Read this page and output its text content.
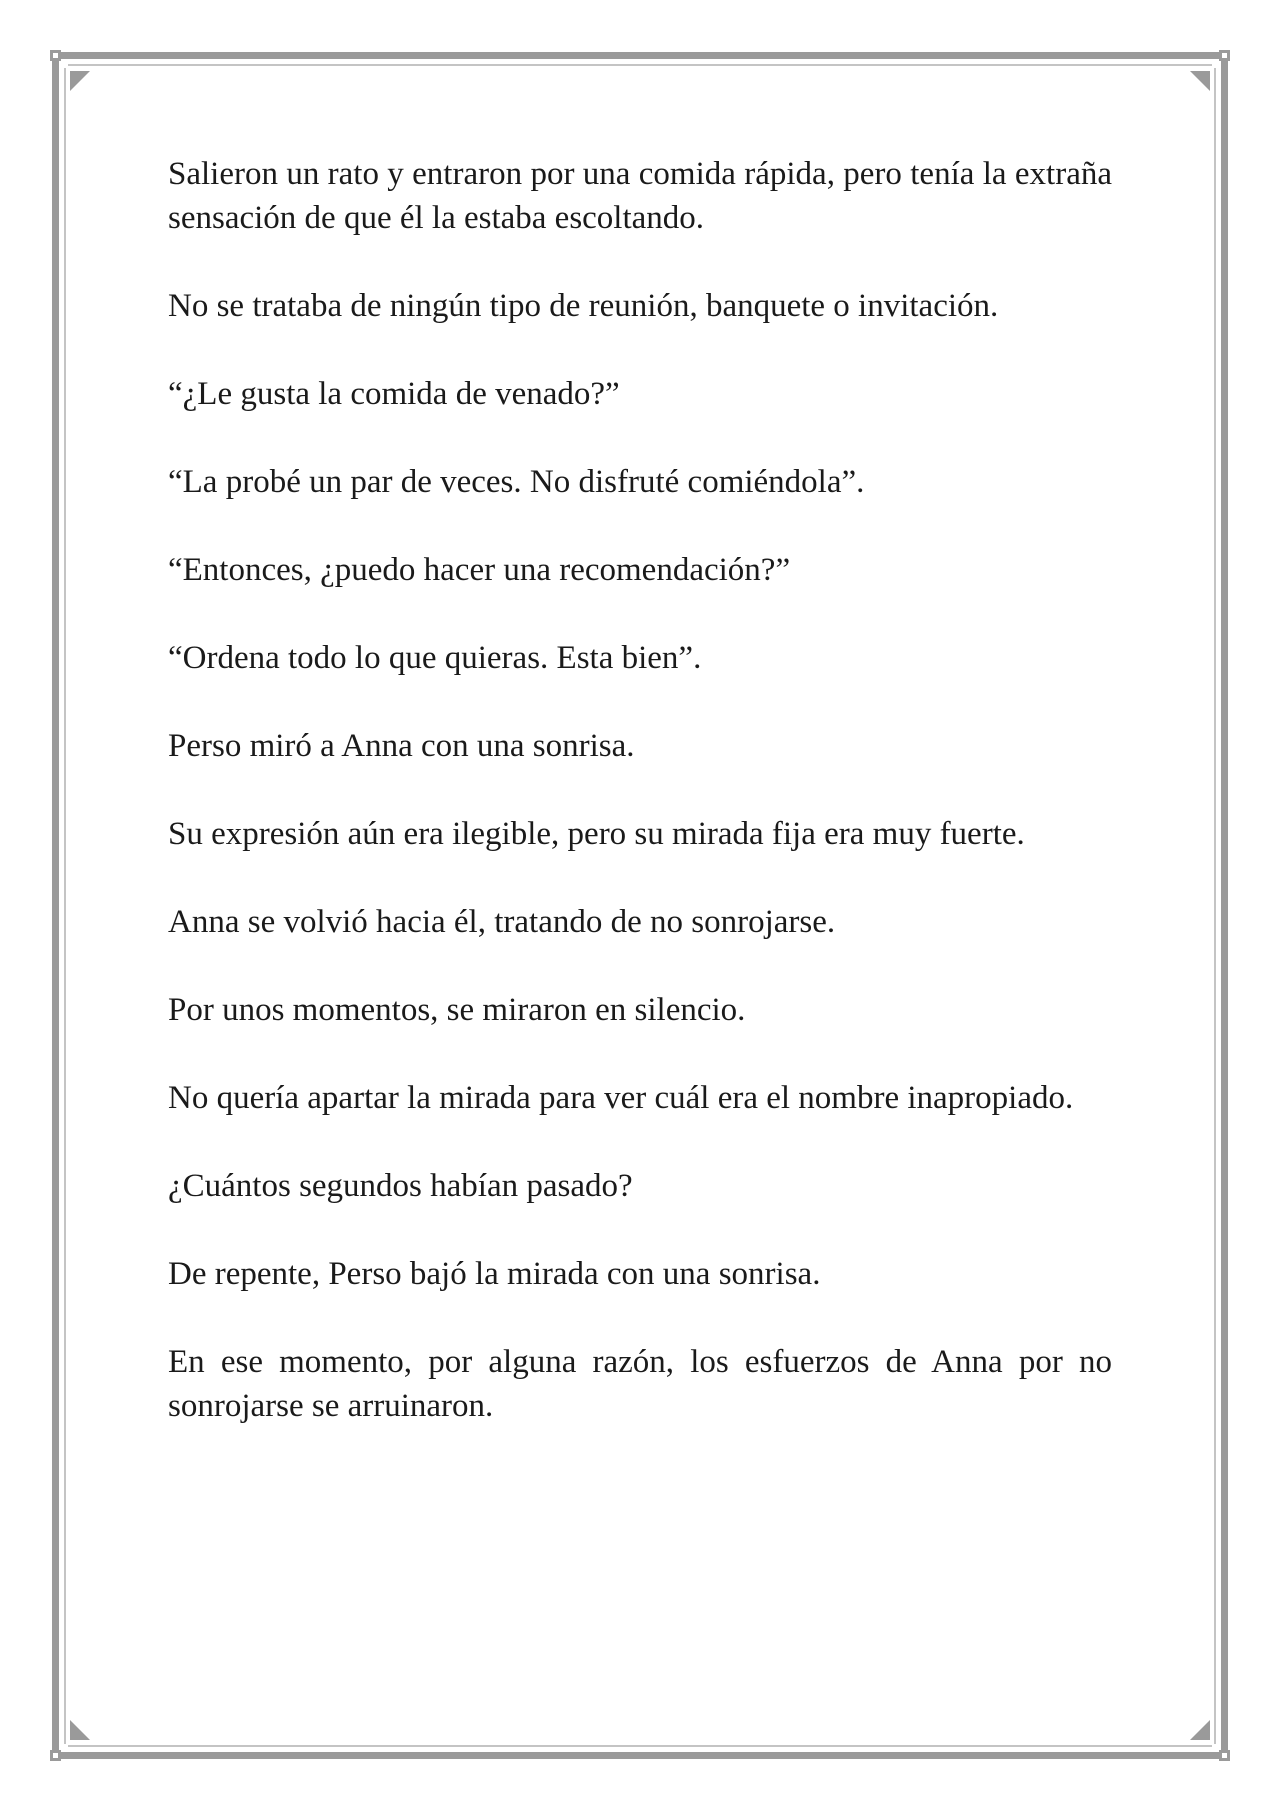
Salieron un rato y entraron por una comida rápida, pero tenía la extraña sensación de que él la estaba escoltando.

No se trataba de ningún tipo de reunión, banquete o invitación.

“¿Le gusta la comida de venado?”

“La probé un par de veces. No disfruté comiéndola”.

“Entonces, ¿puedo hacer una recomendación?”

“Ordena todo lo que quieras. Esta bien”.

Perso miró a Anna con una sonrisa.

Su expresión aún era ilegible, pero su mirada fija era muy fuerte.

Anna se volvió hacia él, tratando de no sonrojarse.

Por unos momentos, se miraron en silencio.

No quería apartar la mirada para ver cuál era el nombre inapropiado.

¿Cuántos segundos habían pasado?

De repente, Perso bajó la mirada con una sonrisa.

En ese momento, por alguna razón, los esfuerzos de Anna por no sonrojarse se arruinaron.
